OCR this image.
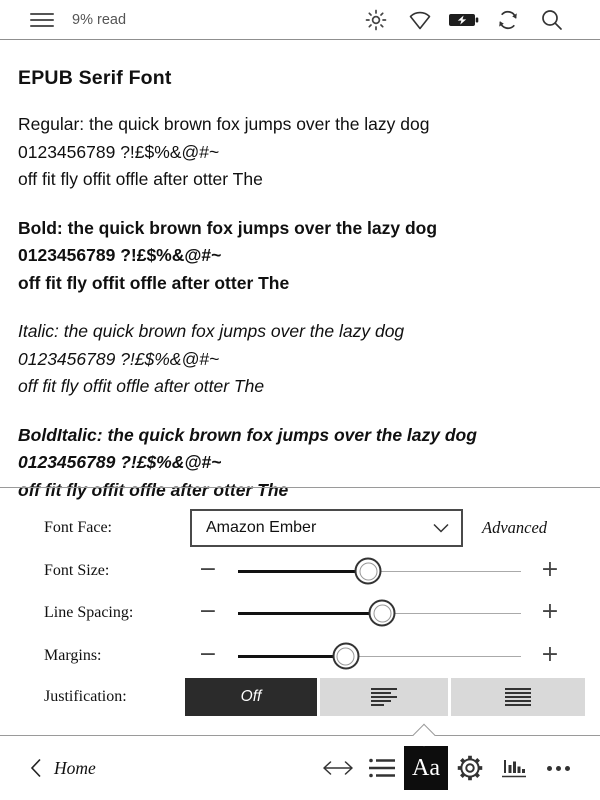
9% read
EPUB Serif Font
Regular: the quick brown fox jumps over the lazy dog
0123456789 ?!£$%&@#~
off fit fly offit offle after otter The
Bold: the quick brown fox jumps over the lazy dog
0123456789 ?!£$%&@#~
off fit fly offit offle after otter The
Italic: the quick brown fox jumps over the lazy dog
0123456789 ?!£$%&@#~
off fit fly offit offle after otter The
BoldItalic: the quick brown fox jumps over the lazy dog
0123456789 ?!£$%&@#~
off fit fly offit offle after otter The
Font Face:	Amazon Ember	Advanced
Font Size:	−	+
Line Spacing:	−	+
Margins:	−	+
Justification:	Off
Home	Aa
